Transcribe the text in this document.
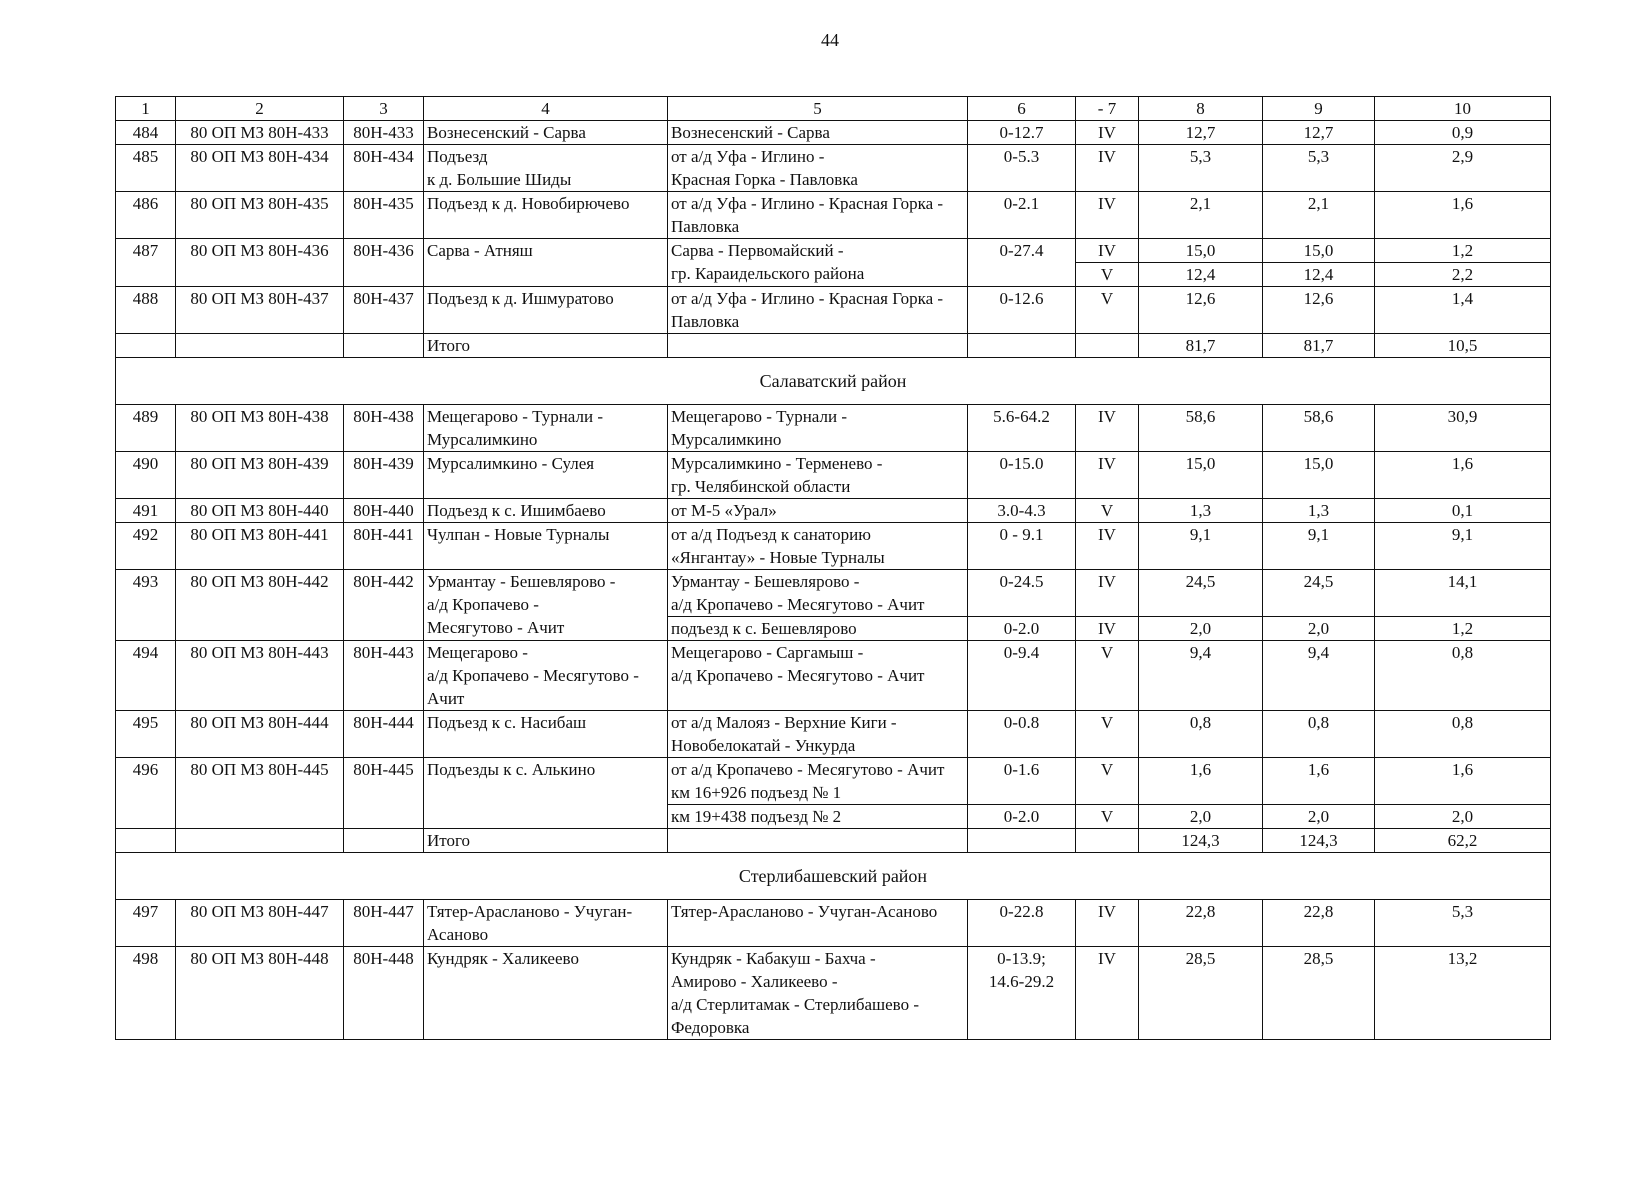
44
1	2	3	4	5	6	- 7	8	9	10

484	80 ОП МЗ 80Н-433	80Н-433	Вознесенский - Сарва	Вознесенский - Сарва	0-12.7	IV	12,7	12,7	0,9

485	80 ОП МЗ 80Н-434	80Н-434	Подъезд
к д. Большие Шиды	от а/д Уфа - Иглино -
Красная Горка - Павловка	0-5.3	IV	5,3	5,3	2,9

486	80 ОП МЗ 80Н-435	80Н-435	Подъезд к д. Новобирючево	от а/д Уфа - Иглино - Красная Горка -
Павловка	0-2.1	IV	2,1	2,1	1,6

487	80 ОП МЗ 80Н-436	80Н-436	Сарва - Атняш	Сарва - Первомайский -
гр. Караидельского района	0-27.4	IV	15,0	15,0	1,2

						V	12,4	12,4	2,2

488	80 ОП МЗ 80Н-437	80Н-437	Подъезд к д. Ишмуратово	от а/д Уфа - Иглино - Красная Горка -
Павловка	0-12.6	V	12,6	12,6	1,4

			Итого				81,7	81,7	10,5

Салаватский район									

489	80 ОП МЗ 80Н-438	80Н-438	Мещегарово - Турнали -
Мурсалимкино	Мещегарово - Турнали -
Мурсалимкино	5.6-64.2	IV	58,6	58,6	30,9

490	80 ОП МЗ 80Н-439	80Н-439	Мурсалимкино - Сулея	Мурсалимкино - Терменево -
гр. Челябинской области	0-15.0	IV	15,0	15,0	1,6

491	80 ОП МЗ 80Н-440	80Н-440	Подъезд к с. Ишимбаево	от М-5 «Урал»	3.0-4.3	V	1,3	1,3	0,1

492	80 ОП МЗ 80Н-441	80Н-441	Чулпан - Новые Турналы	от а/д Подъезд к санаторию
«Янгантау» - Новые Турналы	0 - 9.1	IV	9,1	9,1	9,1

493	80 ОП МЗ 80Н-442	80Н-442	Урмантау - Бешевлярово -
а/д Кропачево -
Месягутово - Ачит	Урмантау - Бешевлярово -
а/д Кропачево - Месягутово - Ачит	0-24.5	IV	24,5	24,5	14,1

				подъезд к с. Бешевлярово	0-2.0	IV	2,0	2,0	1,2

494	80 ОП МЗ 80Н-443	80Н-443	Мещегарово -
а/д Кропачево - Месягутово -
Ачит	Мещегарово - Саргамыш -
а/д Кропачево - Месягутово - Ачит	0-9.4	V	9,4	9,4	0,8

495	80 ОП МЗ 80Н-444	80Н-444	Подъезд к с. Насибаш	от а/д Малояз - Верхние Киги -
Новобелокатай - Ункурда	0-0.8	V	0,8	0,8	0,8

496	80 ОП МЗ 80Н-445	80Н-445	Подъезды к с. Алькино	от а/д Кропачево - Месягутово - Ачит
км 16+926 подъезд № 1	0-1.6	V	1,6	1,6	1,6

				км 19+438 подъезд № 2	0-2.0	V	2,0	2,0	2,0

			Итого				124,3	124,3	62,2

Стерлибашевский район									

497	80 ОП МЗ 80Н-447	80Н-447	Тятер-Арасланово - Учуган-
Асаново	Тятер-Арасланово - Учуган-Асаново	0-22.8	IV	22,8	22,8	5,3

498	80 ОП МЗ 80Н-448	80Н-448	Кундряк - Халикеево	Кундряк - Кабакуш - Бахча -
Амирово - Халикеево -
а/д Стерлитамак - Стерлибашево -
Федоровка	0-13.9;
14.6-29.2	IV	28,5	28,5	13,2
